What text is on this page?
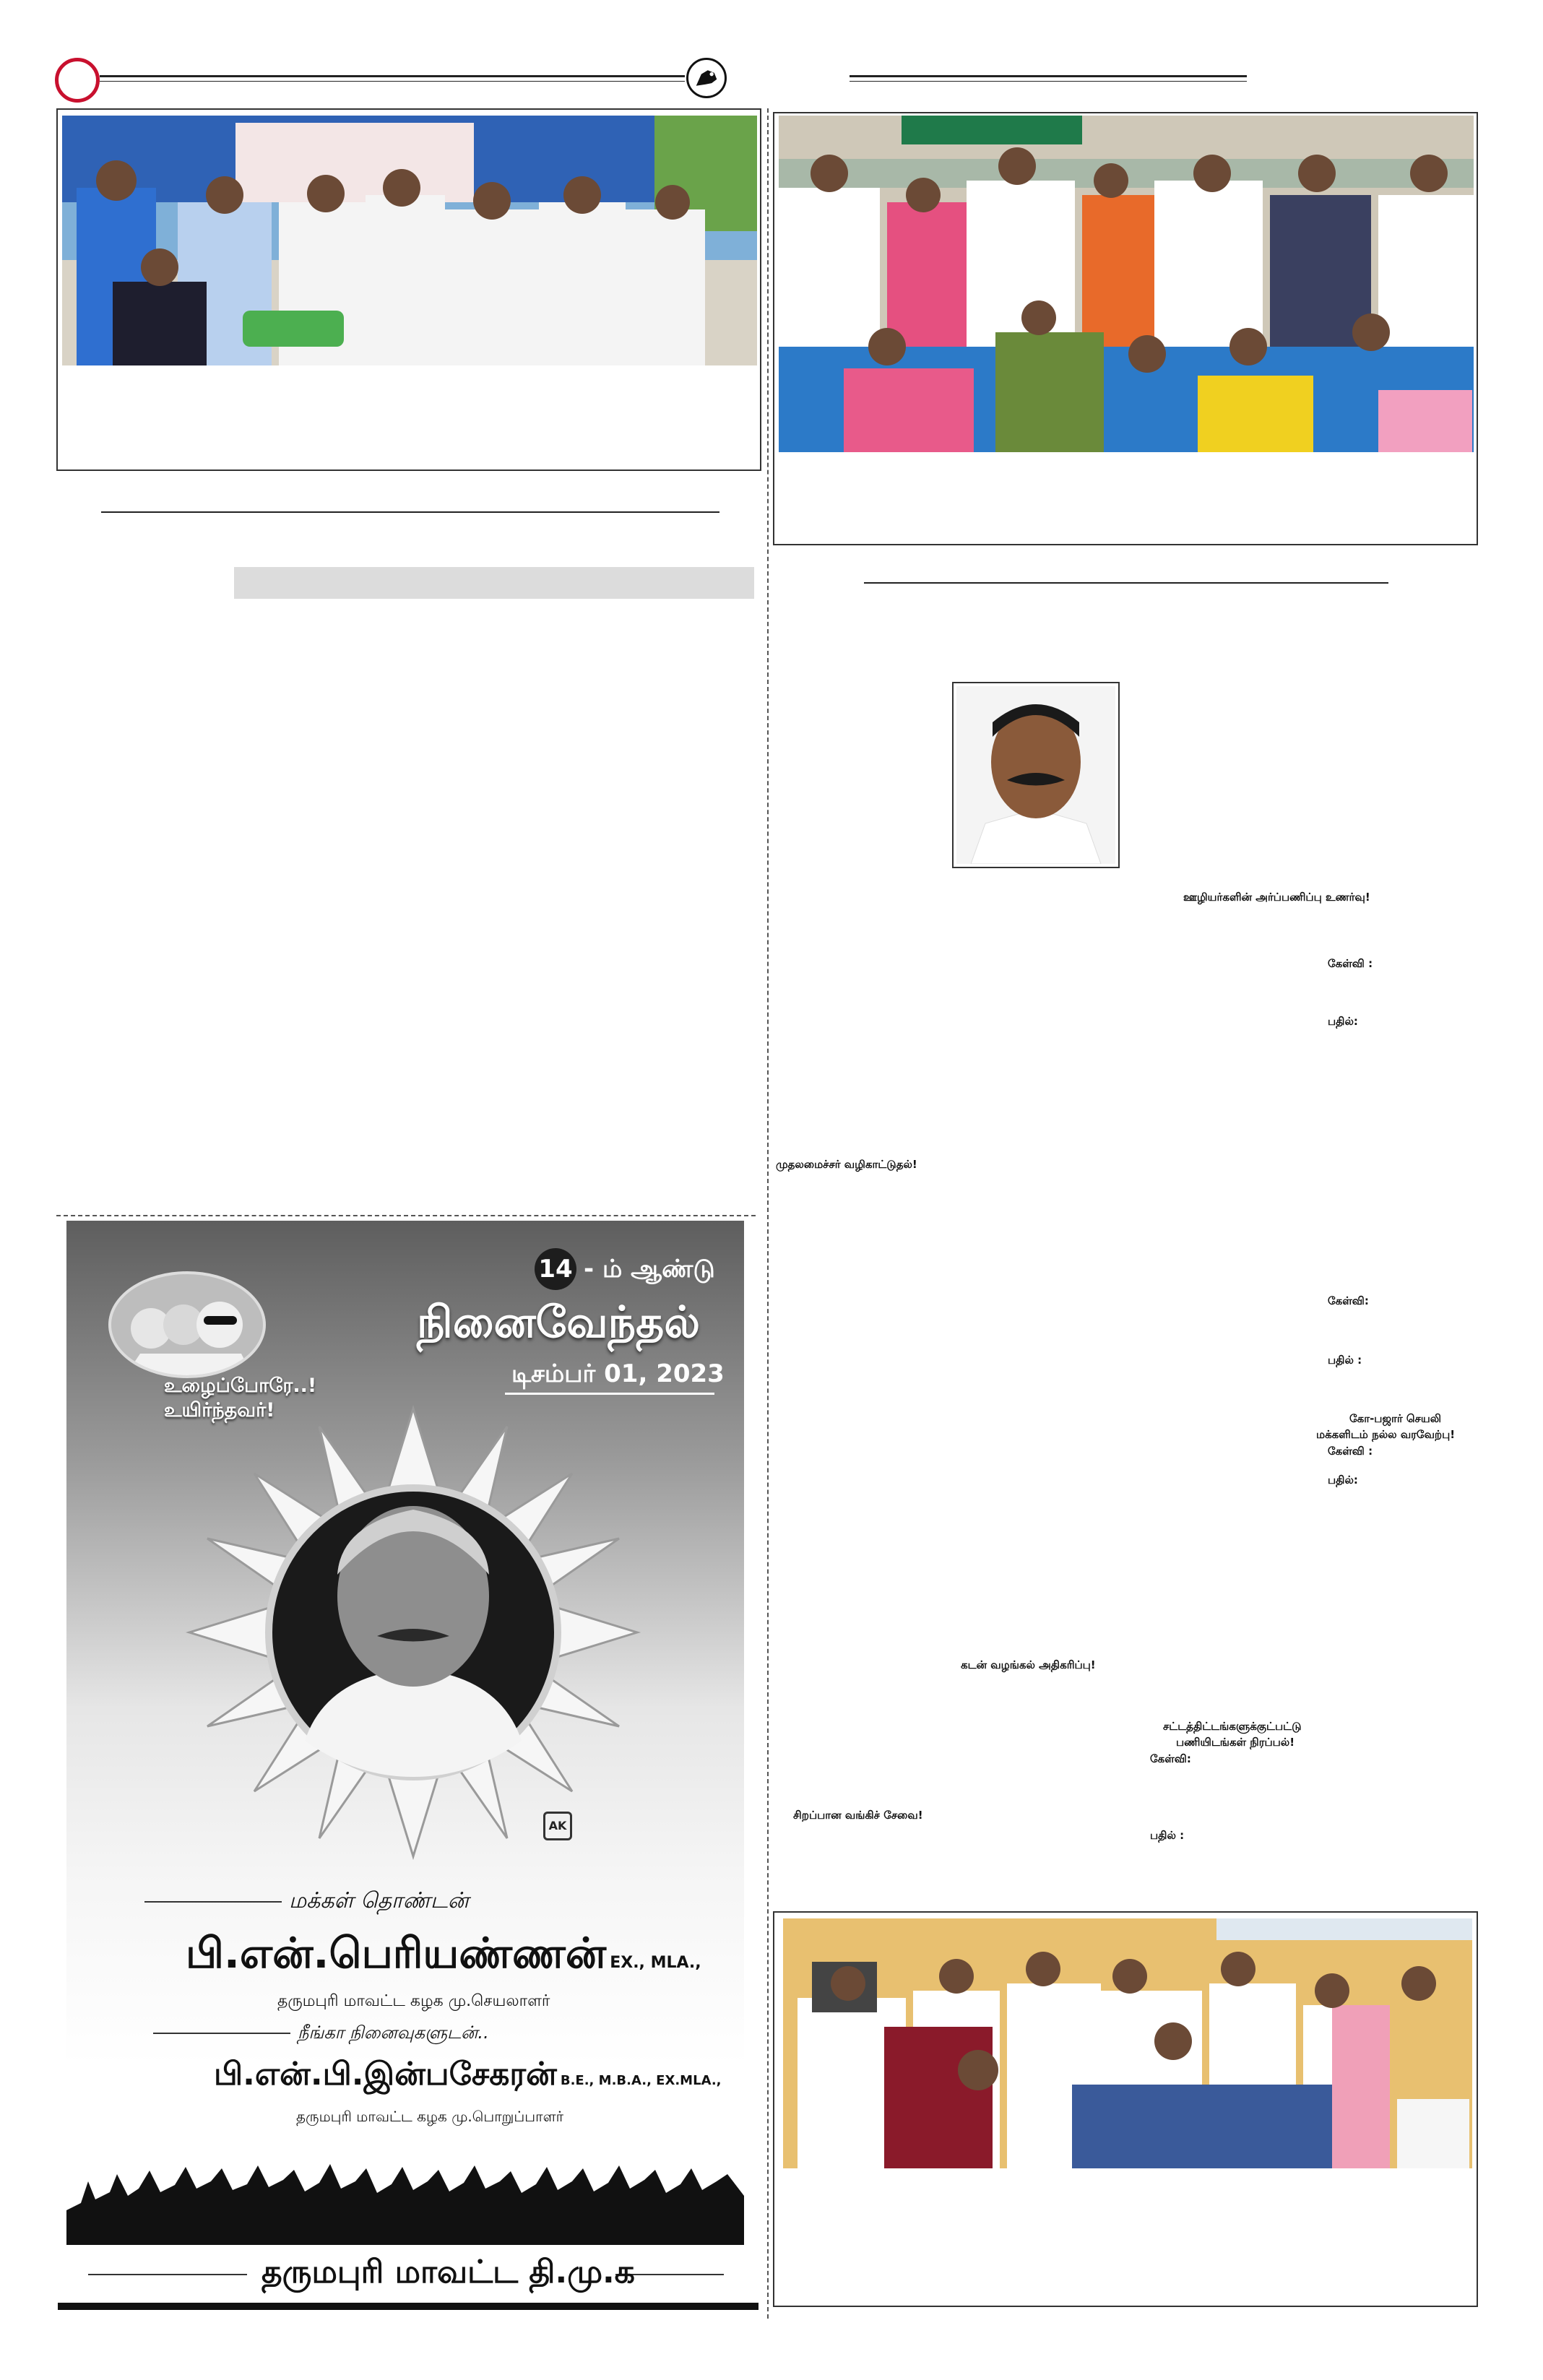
ஊழியர்களின் அர்ப்பணிப்பு உணர்வு!
கேள்வி :
பதில்:
முதலமைச்சர் வழிகாட்டுதல்!
கேள்வி:
பதில் :
கோ-பஜார் செயலி
மக்களிடம் நல்ல வரவேற்பு!
கேள்வி :
பதில்:
கடன் வழங்கல் அதிகரிப்பு!
சட்டத்திட்டங்களுக்குட்பட்டு
பணியிடங்கள் நிரப்பல்!
கேள்வி:
சிறப்பான வங்கிச் சேவை!
பதில் :
உழைப்போரே..!
உயிர்ந்தவர்!
14 - ம் ஆண்டு
நினைவேந்தல்
டிசம்பர் 01, 2023
AK
மக்கள் தொண்டன்
பி.என்.பெரியண்ணன் EX., MLA.,
தருமபுரி மாவட்ட கழக மு.செயலாளர்
நீங்கா நினைவுகளுடன்..
பி.என்.பி.இன்பசேகரன் B.E., M.B.A., EX.MLA.,
தருமபுரி மாவட்ட கழக மு.பொறுப்பாளர்
தருமபுரி மாவட்ட தி.மு.க
